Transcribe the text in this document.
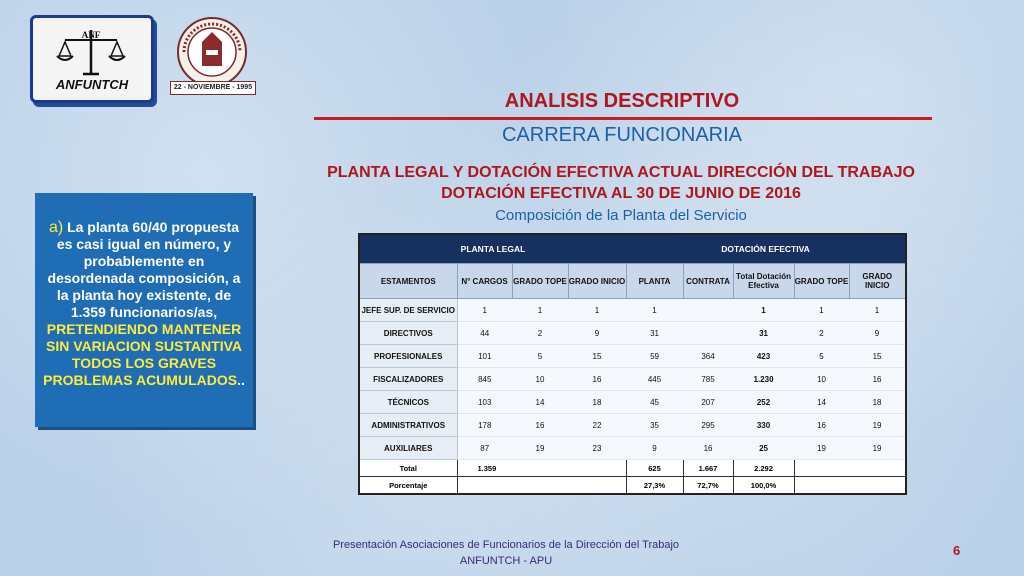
ANF
ANFUNTCH	22 - NOVIEMBRE - 1995
ANALISIS DESCRIPTIVO
CARRERA FUNCIONARIA
PLANTA LEGAL Y DOTACIÓN EFECTIVA ACTUAL DIRECCIÓN DEL TRABAJO
DOTACIÓN EFECTIVA AL 30 DE JUNIO DE 2016
Composición de la Planta del Servicio
a) La planta 60/40 propuesta es casi igual en número, y probablemente en desordenada composición, a la planta hoy existente, de 1.359 funcionarios/as, PRETENDIENDO MANTENER SIN VARIACION SUSTANTIVA TODOS LOS GRAVES PROBLEMAS ACUMULADOS..
PLANTA LEGAL				DOTACIÓN EFECTIVA				
ESTAMENTOS	N° CARGOS	GRADO TOPE	GRADO INICIO	PLANTA	CONTRATA	Total Dotación Efectiva	GRADO TOPE	GRADO INICIO
JEFE SUP. DE SERVICIO	1	1	1	1		1	1	1
DIRECTIVOS	44	2	9	31		31	2	9
PROFESIONALES	101	5	15	59	364	423	5	15
FISCALIZADORES	845	10	16	445	785	1.230	10	16
TÉCNICOS	103	14	18	45	207	252	14	18
ADMINISTRATIVOS	178	16	22	35	295	330	16	19
AUXILIARES	87	19	23	9	16	25	19	19
Total	1.359			625	1.667	2.292		
Porcentaje				27,3%	72,7%	100,0%		
Presentación Asociaciones de Funcionarios de la Dirección del Trabajo
ANFUNTCH - APU
6
